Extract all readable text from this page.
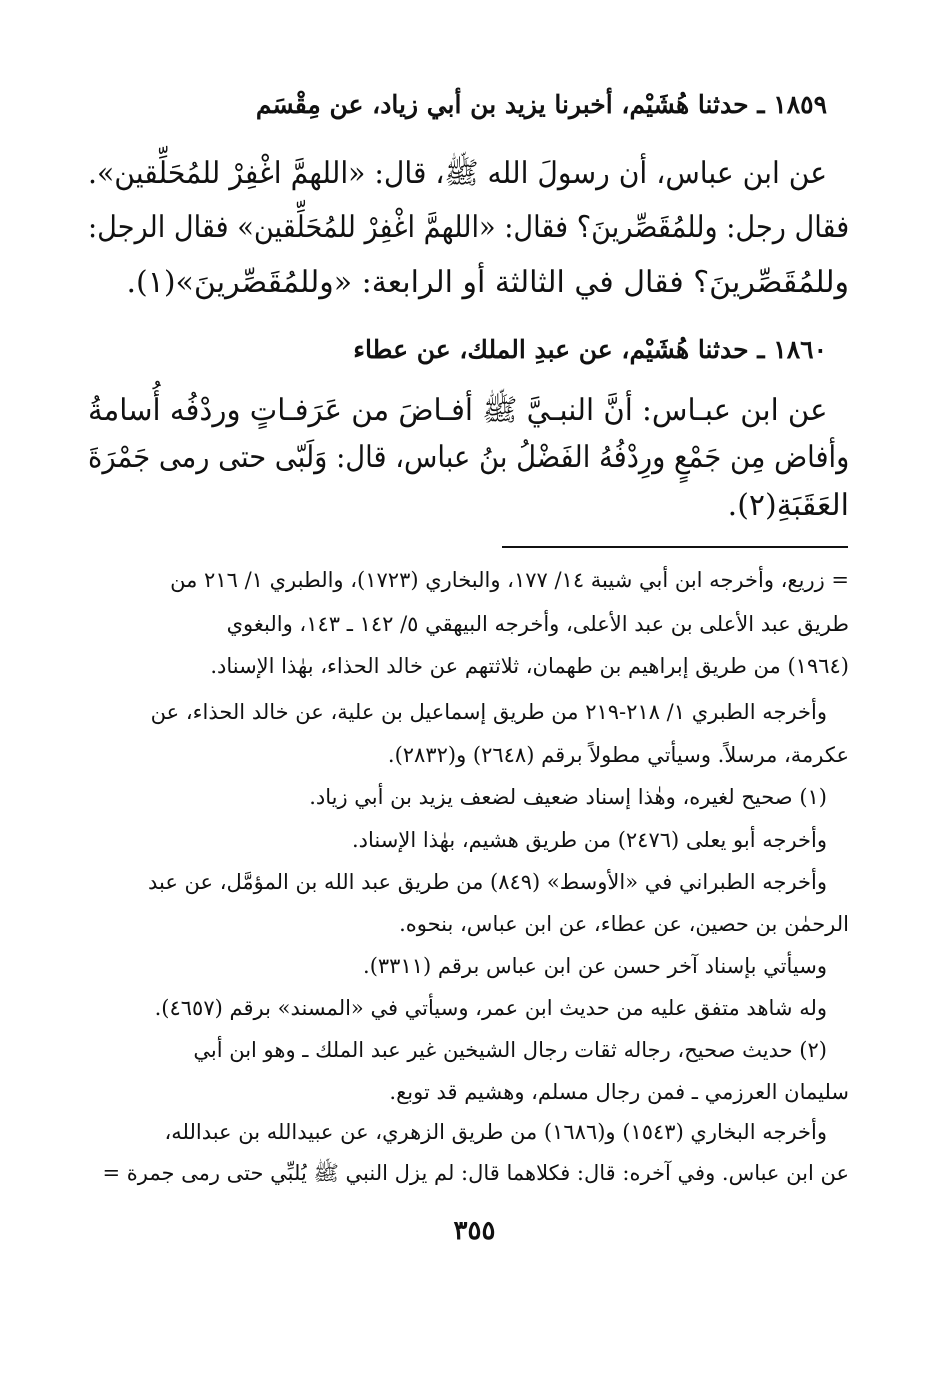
١٨٥٩ ـ حدثنا هُشَيْم، أخبرنا يزيد بن أبي زياد، عن مِقْسَم
عن ابن عباس، أن رسولَ الله ﷺ، قال: «اللهمَّ اغْفِرْ للمُحَلِّقين».
فقال رجل: وللمُقَصِّرينَ؟ فقال: «اللهمَّ اغْفِرْ للمُحَلِّقين» فقال الرجل:
وللمُقَصِّرينَ؟ فقال في الثالثة أو الرابعة: «وللمُقَصِّرينَ»(١).
١٨٦٠ ـ حدثنا هُشَيْم، عن عبدِ الملك، عن عطاء
عن ابن عبـاس: أنَّ النبـيَّ ﷺ أفـاضَ من عَرَفـاتٍ وردْفُه أُسامةُ
وأفاض مِن جَمْعٍ ورِدْفُهُ الفَضْلُ بنُ عباس، قال: وَلَبّى حتى رمى جَمْرَةَ
العَقَبَةِ(٢).
= زريع، وأخرجه ابن أبي شيبة ١٤/ ١٧٧، والبخاري (١٧٢٣)، والطبري ١/ ٢١٦ من
طريق عبد الأعلى بن عبد الأعلى، وأخرجه البيهقي ٥/ ١٤٢ ـ ١٤٣، والبغوي
(١٩٦٤) من طريق إبراهيم بن طهمان، ثلاثتهم عن خالد الحذاء، بهٰذا الإسناد.
وأخرجه الطبري ١/ ٢١٨-٢١٩ من طريق إسماعيل بن علية، عن خالد الحذاء، عن
عكرمة، مرسلاً. وسيأتي مطولاً برقم (٢٦٤٨) و(٢٨٣٢).
(١) صحيح لغيره، وهٰذا إسناد ضعيف لضعف يزيد بن أبي زياد.
وأخرجه أبو يعلى (٢٤٧٦) من طريق هشيم، بهٰذا الإسناد.
وأخرجه الطبراني في «الأوسط» (٨٤٩) من طريق عبد الله بن المؤمَّل، عن عبد
الرحمٰن بن حصين، عن عطاء، عن ابن عباس، بنحوه.
وسيأتي بإسناد آخر حسن عن ابن عباس برقم (٣٣١١).
وله شاهد متفق عليه من حديث ابن عمر، وسيأتي في «المسند» برقم (٤٦٥٧).
(٢) حديث صحيح، رجاله ثقات رجال الشيخين غير عبد الملك ـ وهو ابن أبي
سليمان العرزمي ـ فمن رجال مسلم، وهشيم قد توبع.
وأخرجه البخاري (١٥٤٣) و(١٦٨٦) من طريق الزهري، عن عبيدالله بن عبدالله،
عن ابن عباس. وفي آخره: قال: فكلاهما قال: لم يزل النبي ﷺ يُلبِّي حتى رمى جمرة =
٣٥٥
